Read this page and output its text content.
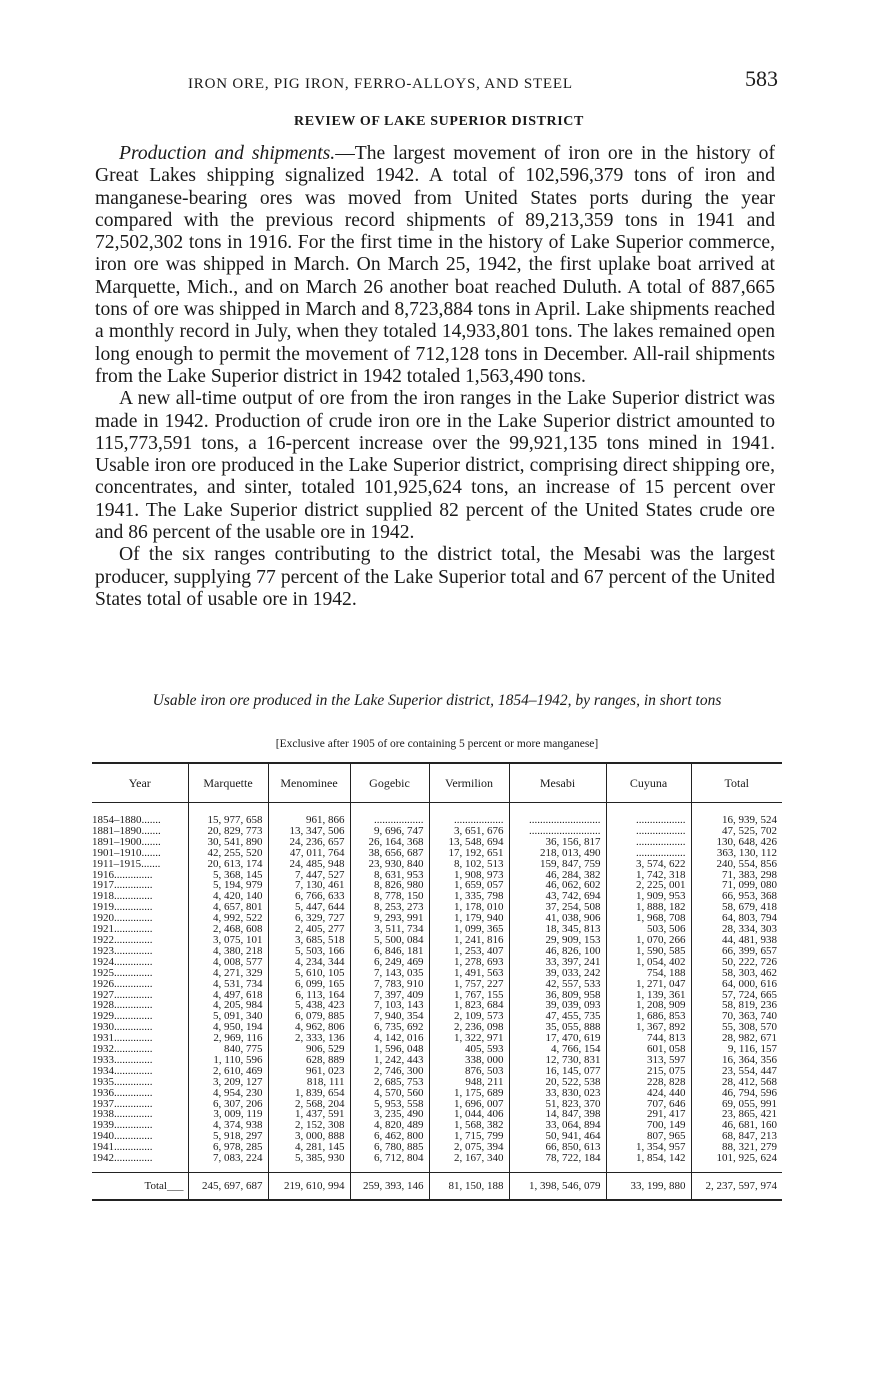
IRON ORE, PIG IRON, FERRO-ALLOYS, AND STEEL	583
REVIEW OF LAKE SUPERIOR DISTRICT

Production and shipments.—The largest movement of iron ore in the history of Great Lakes shipping signalized 1942. A total of 102,596,379 tons of iron and manganese-bearing ores was moved from United States ports during the year compared with the previous record shipments of 89,213,359 tons in 1941 and 72,502,302 tons in 1916. For the first time in the history of Lake Superior commerce, iron ore was shipped in March. On March 25, 1942, the first uplake boat arrived at Marquette, Mich., and on March 26 another boat reached Duluth. A total of 887,665 tons of ore was shipped in March and 8,723,884 tons in April. Lake shipments reached a monthly record in July, when they totaled 14,933,801 tons. The lakes remained open long enough to permit the movement of 712,128 tons in December. All-rail shipments from the Lake Superior district in 1942 totaled 1,563,490 tons.

A new all-time output of ore from the iron ranges in the Lake Superior district was made in 1942. Production of crude iron ore in the Lake Superior district amounted to 115,773,591 tons, a 16-percent increase over the 99,921,135 tons mined in 1941. Usable iron ore produced in the Lake Superior district, comprising direct shipping ore, concentrates, and sinter, totaled 101,925,624 tons, an increase of 15 percent over 1941. The Lake Superior district supplied 82 percent of the United States crude ore and 86 percent of the usable ore in 1942.

Of the six ranges contributing to the district total, the Mesabi was the largest producer, supplying 77 percent of the Lake Superior total and 67 percent of the United States total of usable ore in 1942.

Usable iron ore produced in the Lake Superior district, 1854–1942, by ranges, in short tons
[Exclusive after 1905 of ore containing 5 percent or more manganese]
Year	Marquette	Menominee	Gogebic	Vermilion	Mesabi	Cuyuna	Total
1854–1880.......	15, 977, 658	961, 866	..................	..................	..........................	..................	16, 939, 524
1881–1890.......	20, 829, 773	13, 347, 506	9, 696, 747	3, 651, 676	..........................	..................	47, 525, 702
1891–1900.......	30, 541, 890	24, 236, 657	26, 164, 368	13, 548, 694	36, 156, 817	..................	130, 648, 426
1901–1910.......	42, 255, 520	47, 011, 764	38, 656, 687	17, 192, 651	218, 013, 490	..................	363, 130, 112
1911–1915.......	20, 613, 174	24, 485, 948	23, 930, 840	8, 102, 513	159, 847, 759	3, 574, 622	240, 554, 856
1916..............	5, 368, 145	7, 447, 527	8, 631, 953	1, 908, 973	46, 284, 382	1, 742, 318	71, 383, 298
1917..............	5, 194, 979	7, 130, 461	8, 826, 980	1, 659, 057	46, 062, 602	2, 225, 001	71, 099, 080
1918..............	4, 420, 140	6, 766, 633	8, 778, 150	1, 335, 798	43, 742, 694	1, 909, 953	66, 953, 368
1919..............	4, 657, 801	5, 447, 644	8, 253, 273	1, 178, 010	37, 254, 508	1, 888, 182	58, 679, 418
1920..............	4, 992, 522	6, 329, 727	9, 293, 991	1, 179, 940	41, 038, 906	1, 968, 708	64, 803, 794
1921..............	2, 468, 608	2, 405, 277	3, 511, 734	1, 099, 365	18, 345, 813	503, 506	28, 334, 303
1922..............	3, 075, 101	3, 685, 518	5, 500, 084	1, 241, 816	29, 909, 153	1, 070, 266	44, 481, 938
1923..............	4, 380, 218	5, 503, 166	6, 846, 181	1, 253, 407	46, 826, 100	1, 590, 585	66, 399, 657
1924..............	4, 008, 577	4, 234, 344	6, 249, 469	1, 278, 693	33, 397, 241	1, 054, 402	50, 222, 726
1925..............	4, 271, 329	5, 610, 105	7, 143, 035	1, 491, 563	39, 033, 242	754, 188	58, 303, 462
1926..............	4, 531, 734	6, 099, 165	7, 783, 910	1, 757, 227	42, 557, 533	1, 271, 047	64, 000, 616
1927..............	4, 497, 618	6, 113, 164	7, 397, 409	1, 767, 155	36, 809, 958	1, 139, 361	57, 724, 665
1928..............	4, 205, 984	5, 438, 423	7, 103, 143	1, 823, 684	39, 039, 093	1, 208, 909	58, 819, 236
1929..............	5, 091, 340	6, 079, 885	7, 940, 354	2, 109, 573	47, 455, 735	1, 686, 853	70, 363, 740
1930..............	4, 950, 194	4, 962, 806	6, 735, 692	2, 236, 098	35, 055, 888	1, 367, 892	55, 308, 570
1931..............	2, 969, 116	2, 333, 136	4, 142, 016	1, 322, 971	17, 470, 619	744, 813	28, 982, 671
1932..............	840, 775	906, 529	1, 596, 048	405, 593	4, 766, 154	601, 058	9, 116, 157
1933..............	1, 110, 596	628, 889	1, 242, 443	338, 000	12, 730, 831	313, 597	16, 364, 356
1934..............	2, 610, 469	961, 023	2, 746, 300	876, 503	16, 145, 077	215, 075	23, 554, 447
1935..............	3, 209, 127	818, 111	2, 685, 753	948, 211	20, 522, 538	228, 828	28, 412, 568
1936..............	4, 954, 230	1, 839, 654	4, 570, 560	1, 175, 689	33, 830, 023	424, 440	46, 794, 596
1937..............	6, 307, 206	2, 568, 204	5, 953, 558	1, 696, 007	51, 823, 370	707, 646	69, 055, 991
1938..............	3, 009, 119	1, 437, 591	3, 235, 490	1, 044, 406	14, 847, 398	291, 417	23, 865, 421
1939..............	4, 374, 938	2, 152, 308	4, 820, 489	1, 568, 382	33, 064, 894	700, 149	46, 681, 160
1940..............	5, 918, 297	3, 000, 888	6, 462, 800	1, 715, 799	50, 941, 464	807, 965	68, 847, 213
1941..............	6, 978, 285	4, 281, 145	6, 780, 885	2, 075, 394	66, 850, 613	1, 354, 957	88, 321, 279
1942..............	7, 083, 224	5, 385, 930	6, 712, 804	2, 167, 340	78, 722, 184	1, 854, 142	101, 925, 624
Total___	245, 697, 687	219, 610, 994	259, 393, 146	81, 150, 188	1, 398, 546, 079	33, 199, 880	2, 237, 597, 974
